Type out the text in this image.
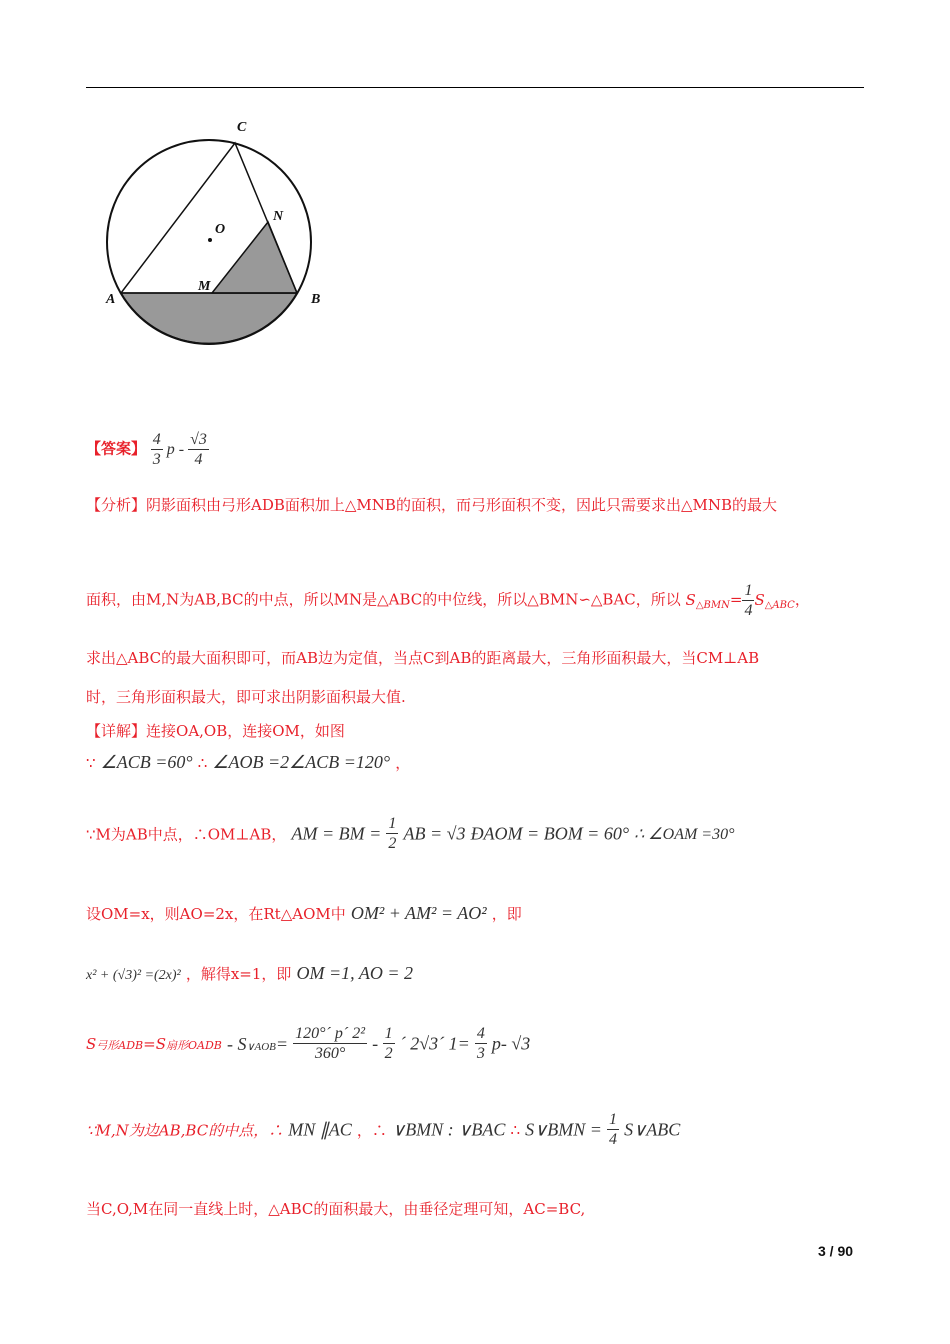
C
N
O
M
A	B
【答案】 $\frac{4}{3}$ p - $\frac{√3}{4}$
【分析】阴影面积由弓形ADB面积加上△MNB的面积，而弓形面积不变，因此只需要求出△MNB的最大
面积，由M,N为AB,BC的中点，所以MN是△ABC的中位线，所以△BMN∽△BAC，所以 $S_{\triangle BMN}= \frac{1}{4} S_{\triangle ABC}$，
求出△ABC的最大面积即可，而AB边为定值，当点C到AB的距离最大，三角形面积最大，当CM⊥AB
时，三角形面积最大，即可求出阴影面积最大值.
【详解】连接OA,OB，连接OM，如图
∵ ∠ACB =60° ∴ ∠AOB =2∠ACB =120° ，
∵M为AB中点，∴OM⊥AB， AM = BM = $\frac{1}{2}$ AB = √3 ÐAOM = BOM = 60° ∴ ∠OAM =30°
设OM=x，则AO=2x，在Rt△AOM中 OM² + AM² = AO² ，即
x² + (√3)² =(2x)² ，解得x=1，即 OM =1, AO = 2
S弓形ADB=S扇形OADB - S∨AOB= $\frac{\text{120°´ p´ 2²}}{360^\circ} - \frac{1}{2}$ ´ 2√3´ $1= \frac{4}{3} p-$ √3
∵M,N为边AB,BC的中点，∴ MN ∥AC ，∴ ∨BMN : ∨BAC ∴ S∨BMN = $\frac{1}{4}$ S∨ABC
当C,O,M在同一直线上时，△ABC的面积最大，由垂径定理可知，AC=BC,
3 / 90
